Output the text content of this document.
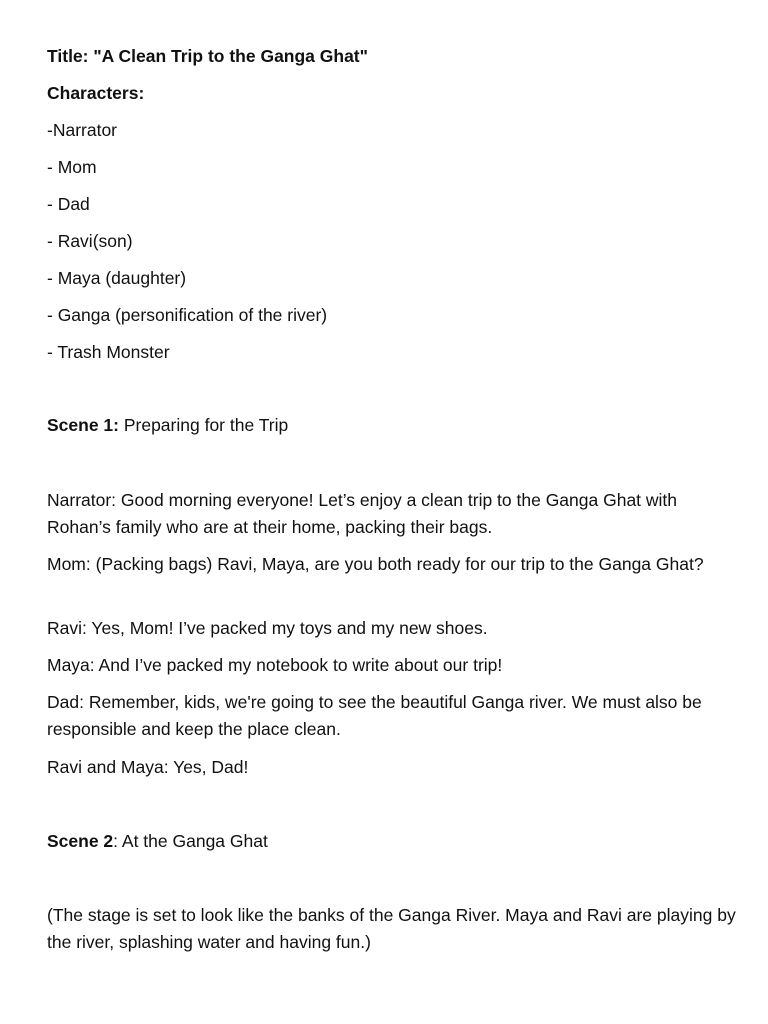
Title: "A Clean Trip to the Ganga Ghat"
Characters:
-Narrator
- Mom
- Dad
- Ravi(son)
- Maya (daughter)
- Ganga (personification of the river)
- Trash Monster
Scene 1: Preparing for the Trip
Narrator: Good morning everyone! Let’s enjoy a clean trip to the Ganga Ghat with Rohan’s family who are at their home, packing their bags.
Mom: (Packing bags) Ravi, Maya, are you both ready for our trip to the Ganga Ghat?
Ravi: Yes, Mom! I’ve packed my toys and my new shoes.
Maya: And I’ve packed my notebook to write about our trip!
Dad: Remember, kids, we're going to see the beautiful Ganga river. We must also be responsible and keep the place clean.
Ravi and Maya: Yes, Dad!
Scene 2: At the Ganga Ghat
(The stage is set to look like the banks of the Ganga River. Maya and Ravi are playing by the river, splashing water and having fun.)
